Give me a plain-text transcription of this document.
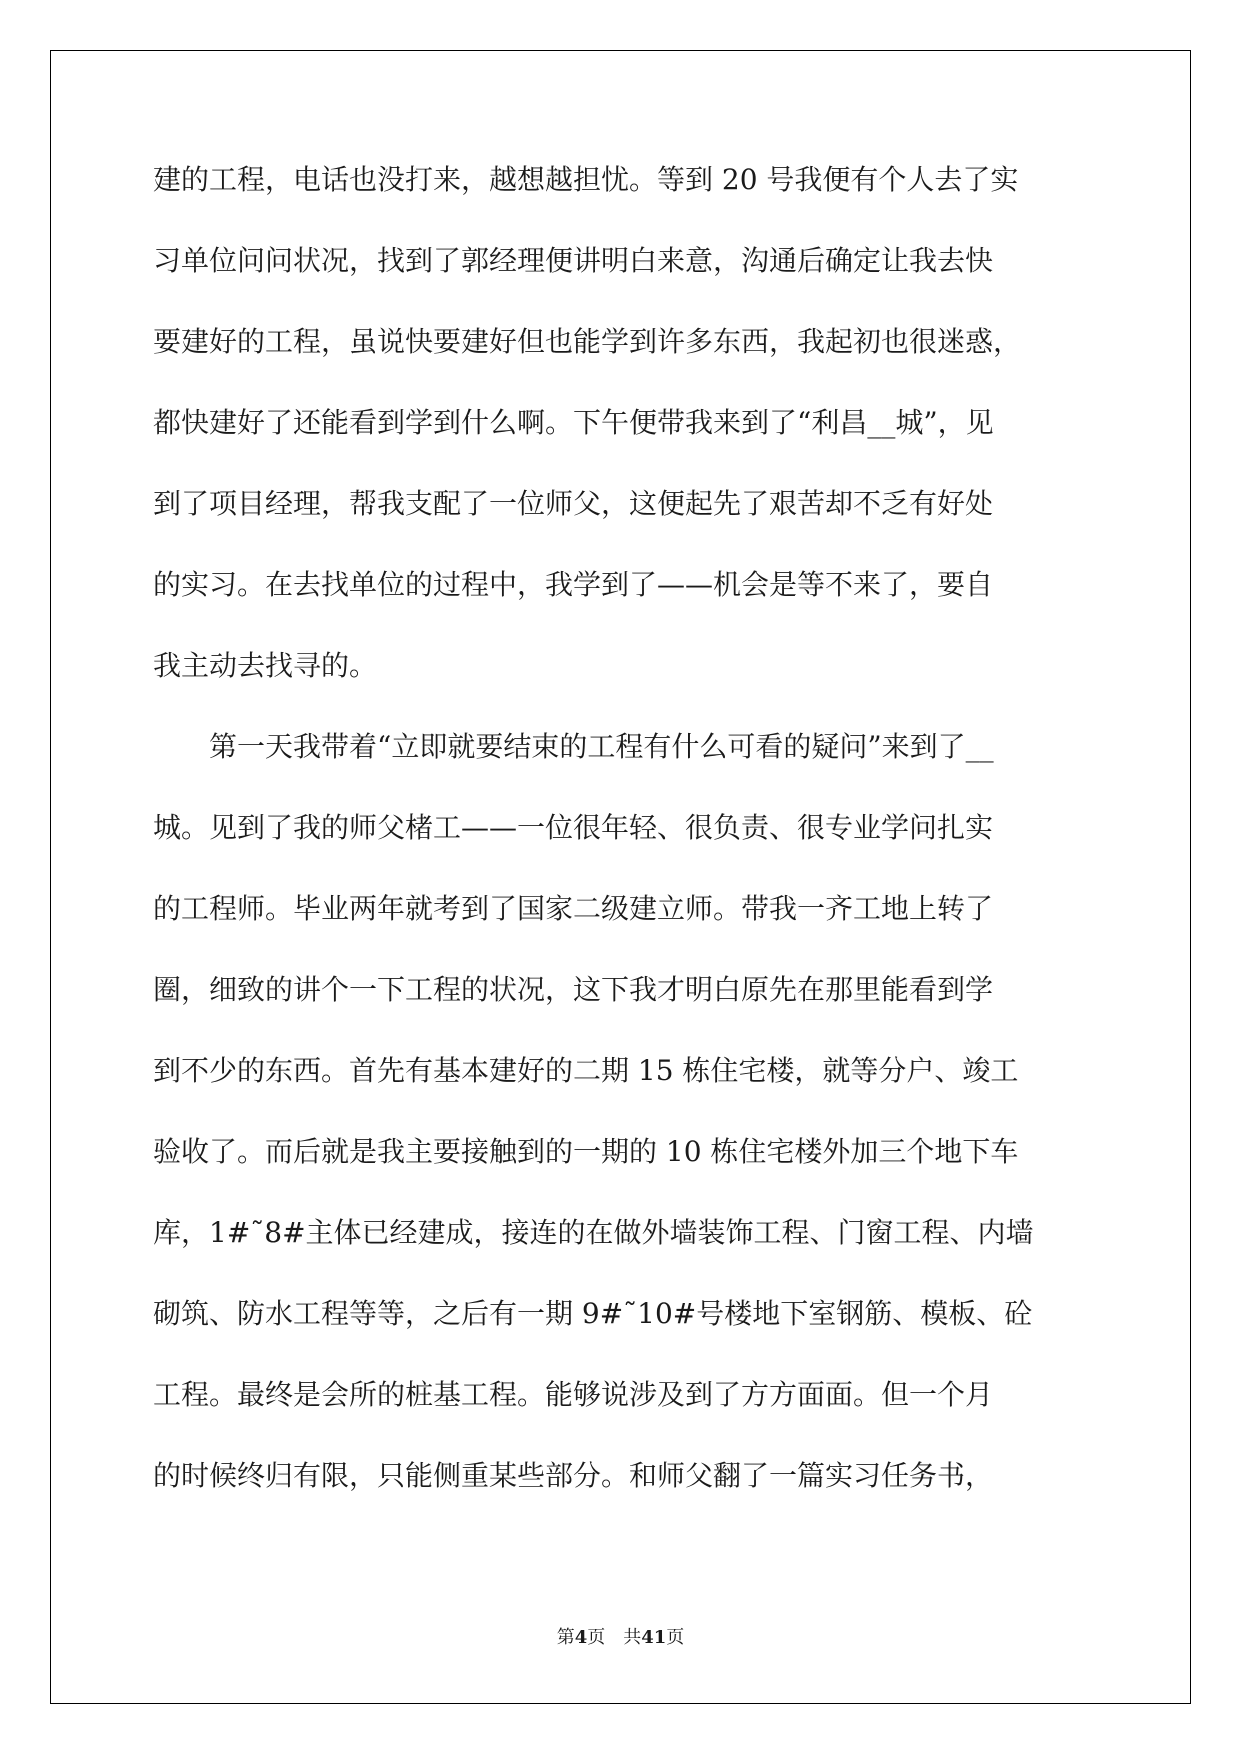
建的工程，电话也没打来，越想越担忧。等到 20 号我便有个人去了实
习单位问问状况，找到了郭经理便讲明白来意，沟通后确定让我去快
要建好的工程，虽说快要建好但也能学到许多东西，我起初也很迷惑，
都快建好了还能看到学到什么啊。下午便带我来到了“利昌__城”，见
到了项目经理，帮我支配了一位师父，这便起先了艰苦却不乏有好处
的实习。在去找单位的过程中，我学到了——机会是等不来了，要自
我主动去找寻的。
　　第一天我带着“立即就要结束的工程有什么可看的疑问”来到了__
城。见到了我的师父楮工——一位很年轻、很负责、很专业学问扎实
的工程师。毕业两年就考到了国家二级建立师。带我一齐工地上转了
圈，细致的讲个一下工程的状况，这下我才明白原先在那里能看到学
到不少的东西。首先有基本建好的二期 15 栋住宅楼，就等分户、竣工
验收了。而后就是我主要接触到的一期的 10 栋住宅楼外加三个地下车
库，1#˜8#主体已经建成，接连的在做外墙装饰工程、门窗工程、内墙
砌筑、防水工程等等，之后有一期 9#˜10#号楼地下室钢筋、模板、砼
工程。最终是会所的桩基工程。能够说涉及到了方方面面。但一个月
的时候终归有限，只能侧重某些部分。和师父翻了一篇实习任务书，
第4页　共41页
